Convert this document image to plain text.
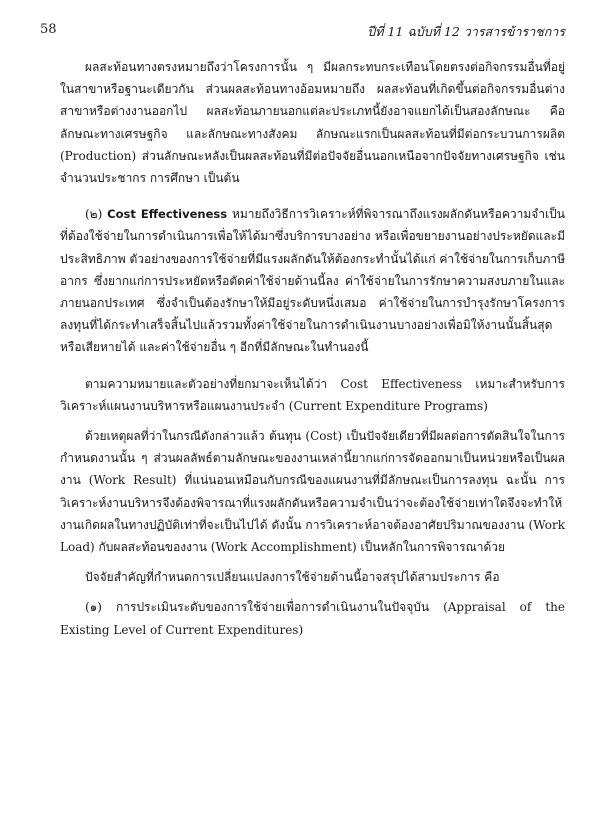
58	ปีที่ 11 ฉบับที่ 12 วารสารข้าราชการ

ผลสะท้อนทางตรงหมายถึงว่าโครงการนั้น ๆ มีผลกระทบกระเทือนโดยตรงต่อกิจกรรมอื่นที่อยู่ในสาขาหรือฐานะเดียวกัน ส่วนผลสะท้อนทางอ้อมหมายถึง ผลสะท้อนที่เกิดขึ้นต่อกิจกรรมอื่นต่างสาขาหรือต่างงานออกไป ผลสะท้อนภายนอกแต่ละประเภทนี้ยังอาจแยกได้เป็นสองลักษณะ คือ ลักษณะทางเศรษฐกิจ และลักษณะทางสังคม ลักษณะแรกเป็นผลสะท้อนที่มีต่อกระบวนการผลิต (Production) ส่วนลักษณะหลังเป็นผลสะท้อนที่มีต่อปัจจัยอื่นนอกเหนือจากปัจจัยทางเศรษฐกิจ เช่น จำนวนประชากร การศึกษา เป็นต้น

(๒) Cost Effectiveness หมายถึงวิธีการวิเคราะห์ที่พิจารณาถึงแรงผลักดันหรือความจำเป็นที่ต้องใช้จ่ายในการดำเนินการเพื่อให้ได้มาซึ่งบริการบางอย่าง หรือเพื่อขยายงานอย่างประหยัดและมีประสิทธิภาพ ตัวอย่างของการใช้จ่ายที่มีแรงผลักดันให้ต้องกระทำนั้นได้แก่ ค่าใช้จ่ายในการเก็บภาษีอากร ซึ่งยากแก่การประหยัดหรือตัดค่าใช้จ่ายด้านนี้ลง ค่าใช้จ่ายในการรักษาความสงบภายในและภายนอกประเทศ ซึ่งจำเป็นต้องรักษาให้มีอยู่ระดับหนึ่งเสมอ ค่าใช้จ่ายในการบำรุงรักษาโครงการลงทุนที่ได้กระทำเสร็จสิ้นไปแล้วรวมทั้งค่าใช้จ่ายในการดำเนินงานบางอย่างเพื่อมิให้งานนั้นสิ้นสุดหรือเสียหายได้ และค่าใช้จ่ายอื่น ๆ อีกที่มีลักษณะในทำนองนี้

ตามความหมายและตัวอย่างที่ยกมาจะเห็นได้ว่า Cost Effectiveness เหมาะสำหรับการวิเคราะห์แผนงานบริหารหรือแผนงานประจำ (Current Expenditure Programs)

ด้วยเหตุผลที่ว่าในกรณีดังกล่าวแล้ว ต้นทุน (Cost) เป็นปัจจัยเดียวที่มีผลต่อการตัดสินใจในการกำหนดงานนั้น ๆ ส่วนผลลัพธ์ตามลักษณะของงานเหล่านี้ยากแก่การจัดออกมาเป็นหน่วยหรือเป็นผลงาน (Work Result) ที่แน่นอนเหมือนกับกรณีของแผนงานที่มีลักษณะเป็นการลงทุน ฉะนั้น การวิเคราะห์งานบริหารจึงต้องพิจารณาที่แรงผลักดันหรือความจำเป็นว่าจะต้องใช้จ่ายเท่าใดจึงจะทำให้งานเกิดผลในทางปฏิบัติเท่าที่จะเป็นไปได้ ดังนั้น การวิเคราะห์อาจต้องอาศัยปริมาณของงาน (Work Load) กับผลสะท้อนของงาน (Work Accomplishment) เป็นหลักในการพิจารณาด้วย

ปัจจัยสำคัญที่กำหนดการเปลี่ยนแปลงการใช้จ่ายด้านนี้อาจสรุปได้สามประการ คือ

(๑) การประเมินระดับของการใช้จ่ายเพื่อการดำเนินงานในปัจจุบัน (Appraisal of the Existing Level of Current Expenditures)
